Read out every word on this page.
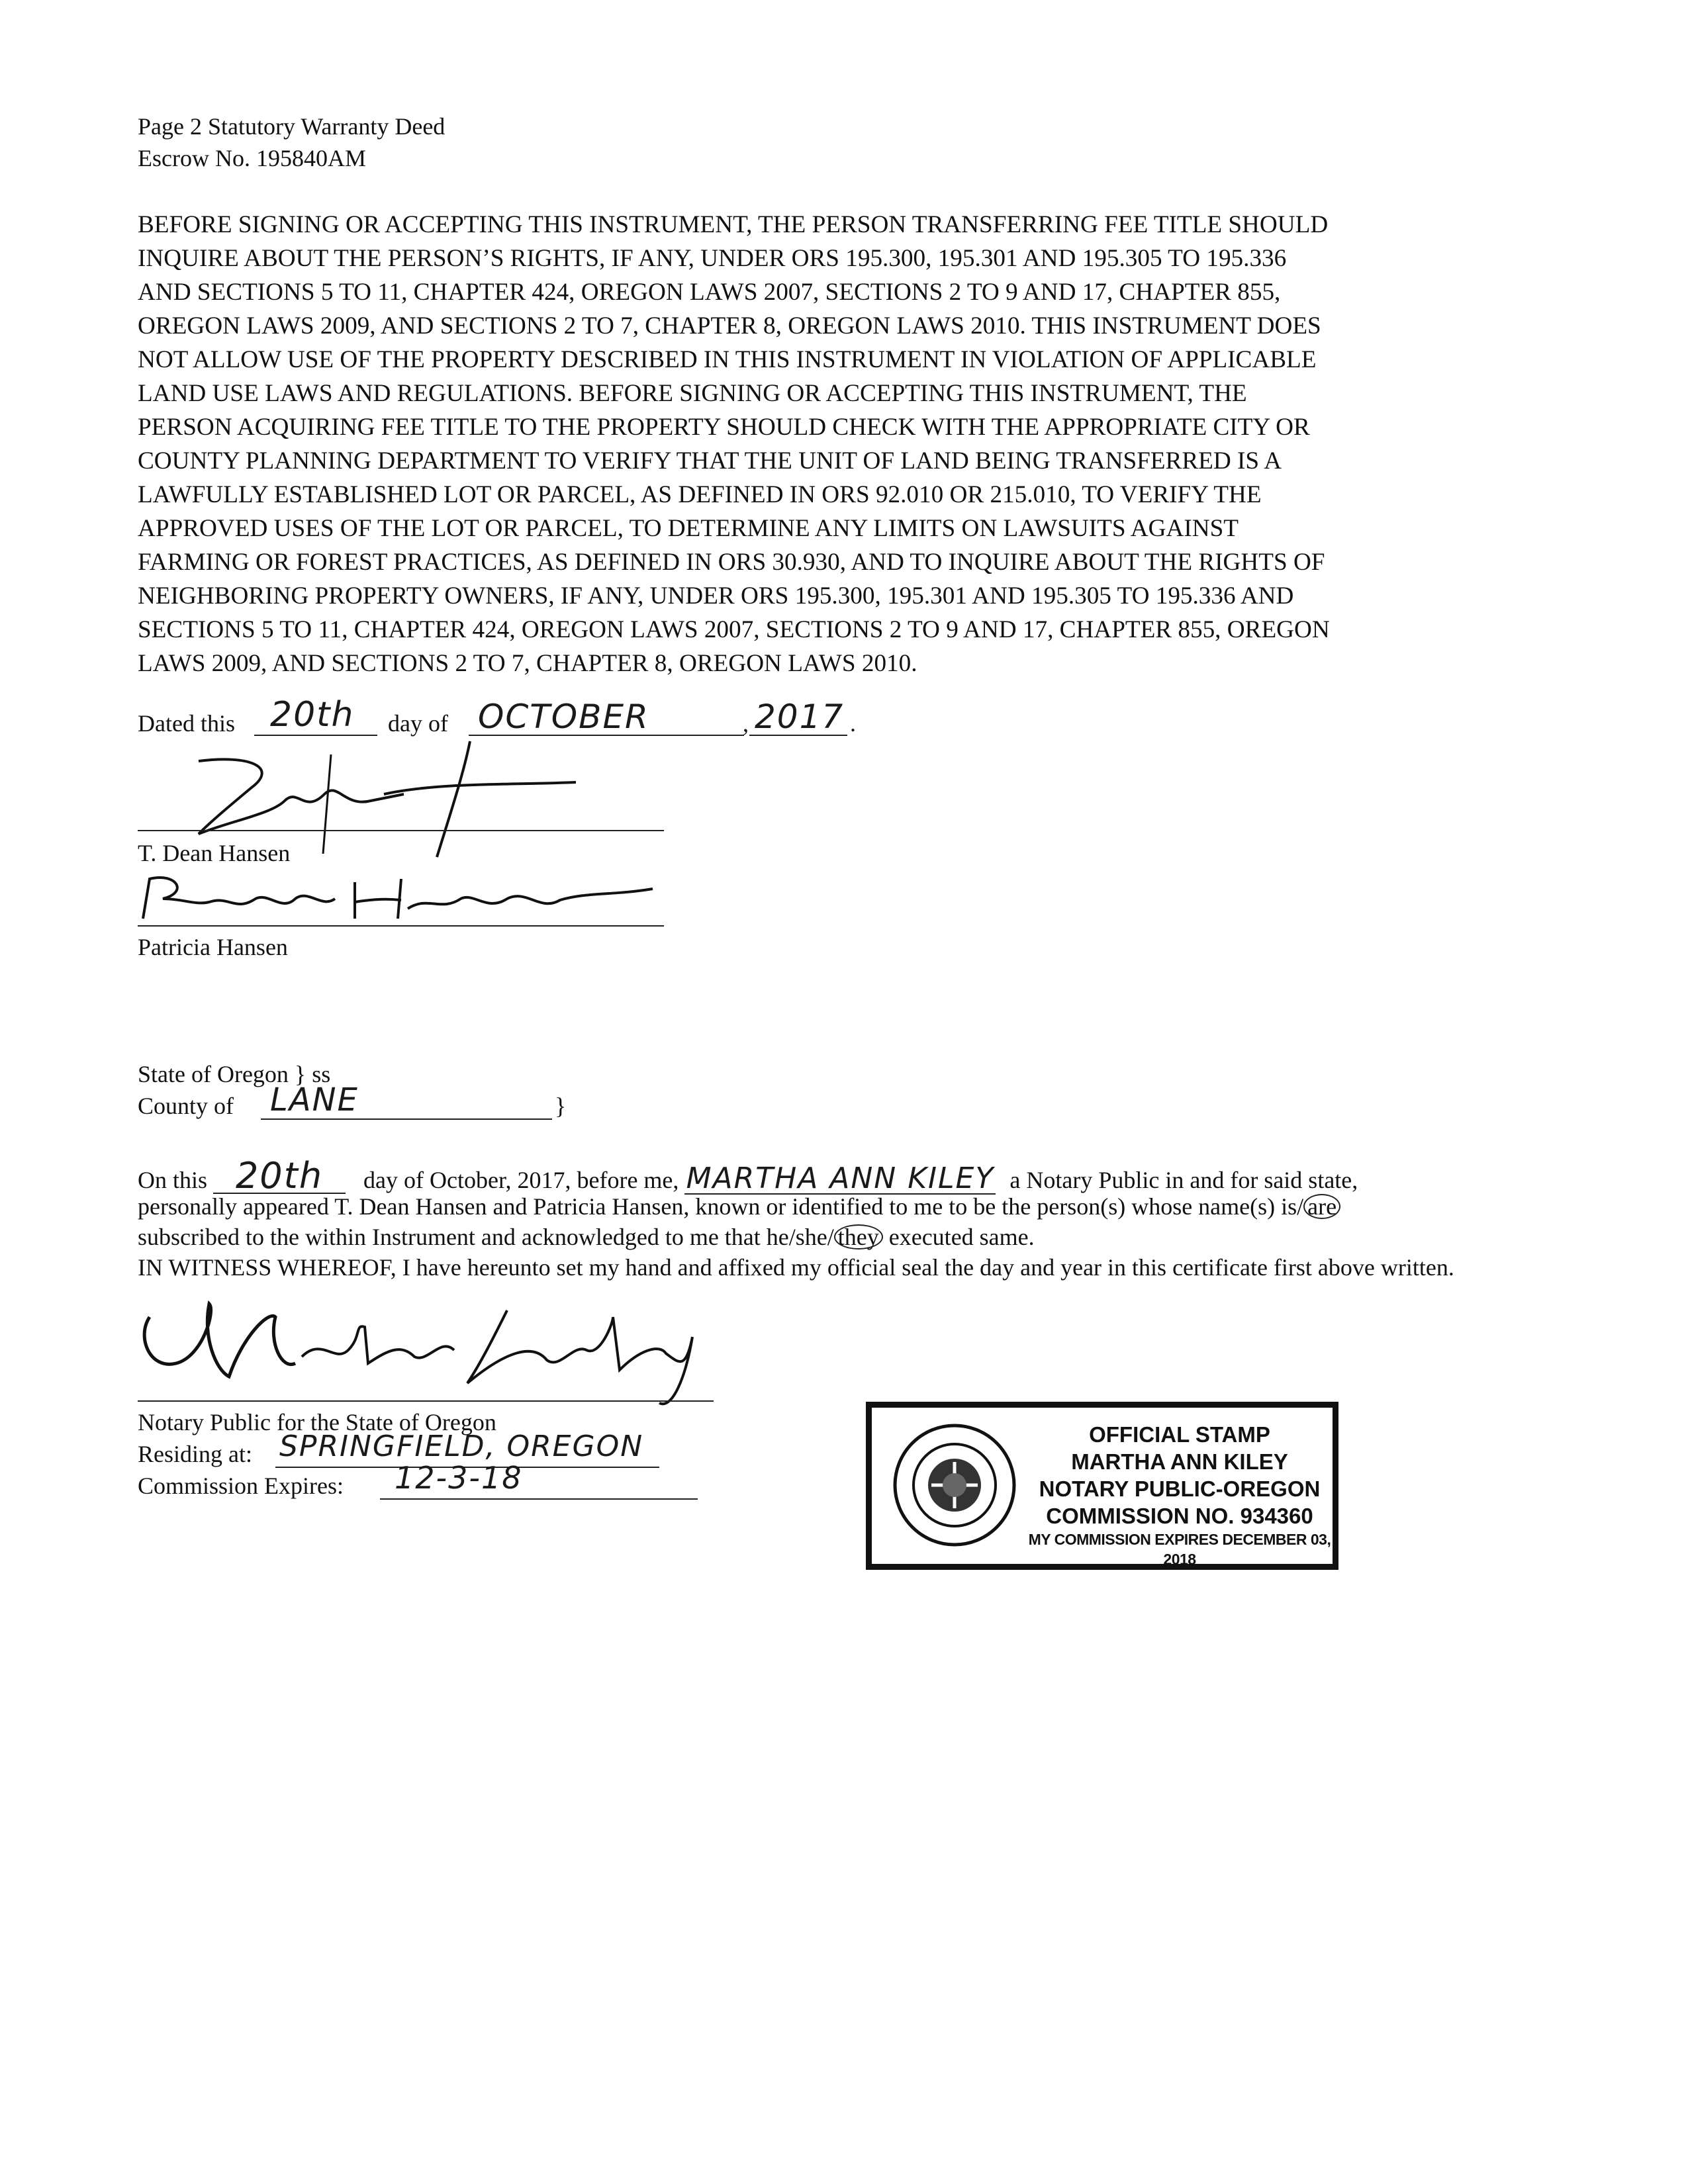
Page 2 Statutory Warranty Deed
Escrow No. 195840AM
BEFORE SIGNING OR ACCEPTING THIS INSTRUMENT, THE PERSON TRANSFERRING FEE TITLE SHOULD
INQUIRE ABOUT THE PERSON’S RIGHTS, IF ANY, UNDER ORS 195.300, 195.301 AND 195.305 TO 195.336
AND SECTIONS 5 TO 11, CHAPTER 424, OREGON LAWS 2007, SECTIONS 2 TO 9 AND 17, CHAPTER 855,
OREGON LAWS 2009, AND SECTIONS 2 TO 7, CHAPTER 8, OREGON LAWS 2010. THIS INSTRUMENT DOES
NOT ALLOW USE OF THE PROPERTY DESCRIBED IN THIS INSTRUMENT IN VIOLATION OF APPLICABLE
LAND USE LAWS AND REGULATIONS. BEFORE SIGNING OR ACCEPTING THIS INSTRUMENT, THE
PERSON ACQUIRING FEE TITLE TO THE PROPERTY SHOULD CHECK WITH THE APPROPRIATE CITY OR
COUNTY PLANNING DEPARTMENT TO VERIFY THAT THE UNIT OF LAND BEING TRANSFERRED IS A
LAWFULLY ESTABLISHED LOT OR PARCEL, AS DEFINED IN ORS 92.010 OR 215.010, TO VERIFY THE
APPROVED USES OF THE LOT OR PARCEL, TO DETERMINE ANY LIMITS ON LAWSUITS AGAINST
FARMING OR FOREST PRACTICES, AS DEFINED IN ORS 30.930, AND TO INQUIRE ABOUT THE RIGHTS OF
NEIGHBORING PROPERTY OWNERS, IF ANY, UNDER ORS 195.300, 195.301 AND 195.305 TO 195.336 AND
SECTIONS 5 TO 11, CHAPTER 424, OREGON LAWS 2007, SECTIONS 2 TO 9 AND 17, CHAPTER 855, OREGON
LAWS 2009, AND SECTIONS 2 TO 7, CHAPTER 8, OREGON LAWS 2010.
Dated this 20th day of OCTOBER	, 2017 .
T. Dean Hansen
Patricia Hansen
State of Oregon } ss
County of LANE	}
On this 20th day of October, 2017, before me, MARTHA ANN KILEY a Notary Public in and for said state,
personally appeared T. Dean Hansen and Patricia Hansen, known or identified to me to be the person(s) whose name(s) is/ are
subscribed to the within Instrument and acknowledged to me that he/she/ they executed same.
IN WITNESS WHEREOF, I have hereunto set my hand and affixed my official seal the day and year in this certificate first above written.
Notary Public for the State of Oregon
Residing at: SPRINGFIELD, OREGON
Commission Expires: 12-3-18
OFFICIAL STAMP
MARTHA ANN KILEY
NOTARY PUBLIC-OREGON
COMMISSION NO. 934360
MY COMMISSION EXPIRES DECEMBER 03, 2018
